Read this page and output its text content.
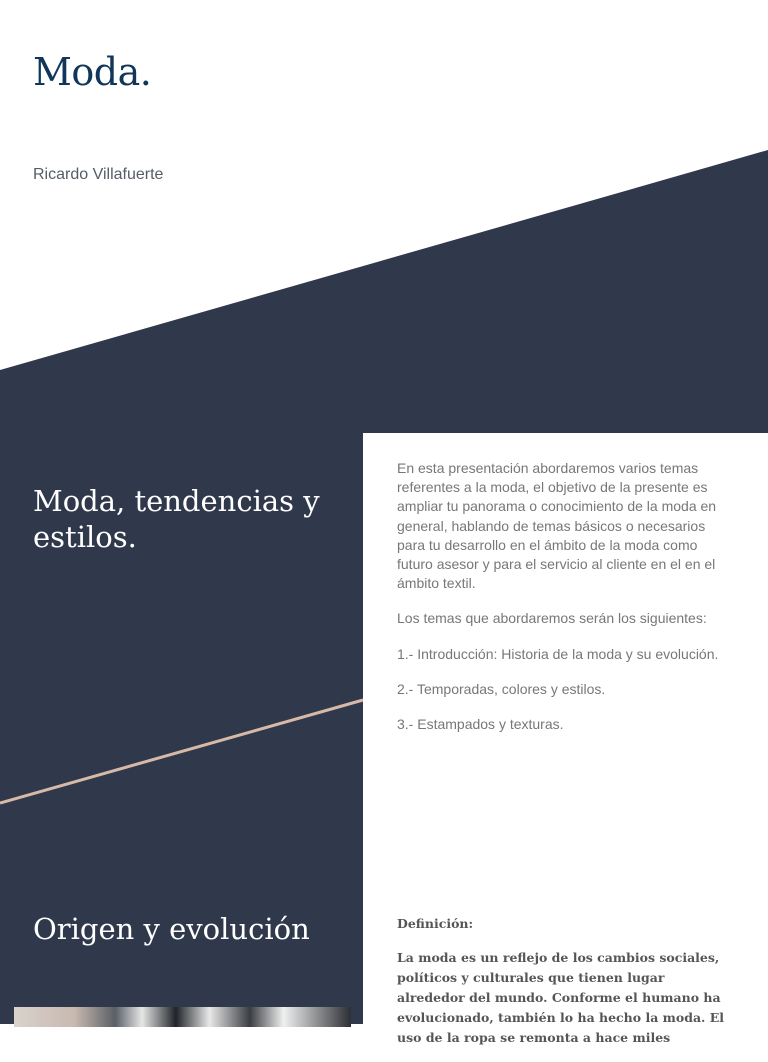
Moda.
Ricardo Villafuerte
Moda, tendencias y estilos.

En esta presentación abordaremos varios temas referentes a la moda, el objetivo de la presente es ampliar tu panorama o conocimiento de la moda en general, hablando de temas básicos o necesarios para tu desarrollo en el ámbito de la moda como futuro asesor y para el servicio al cliente en el en el ámbito textil.

Los temas que abordaremos serán los siguientes:

1.- Introducción: Historia de la moda y su evolución.

2.- Temporadas, colores y estilos.

3.- Estampados y texturas.

Origen y evolución	Definición:

La moda es un reflejo de los cambios sociales, políticos y culturales que tienen lugar alrededor del mundo. Conforme el humano ha evolucionado, también lo ha hecho la moda. El uso de la ropa se remonta a hace miles
